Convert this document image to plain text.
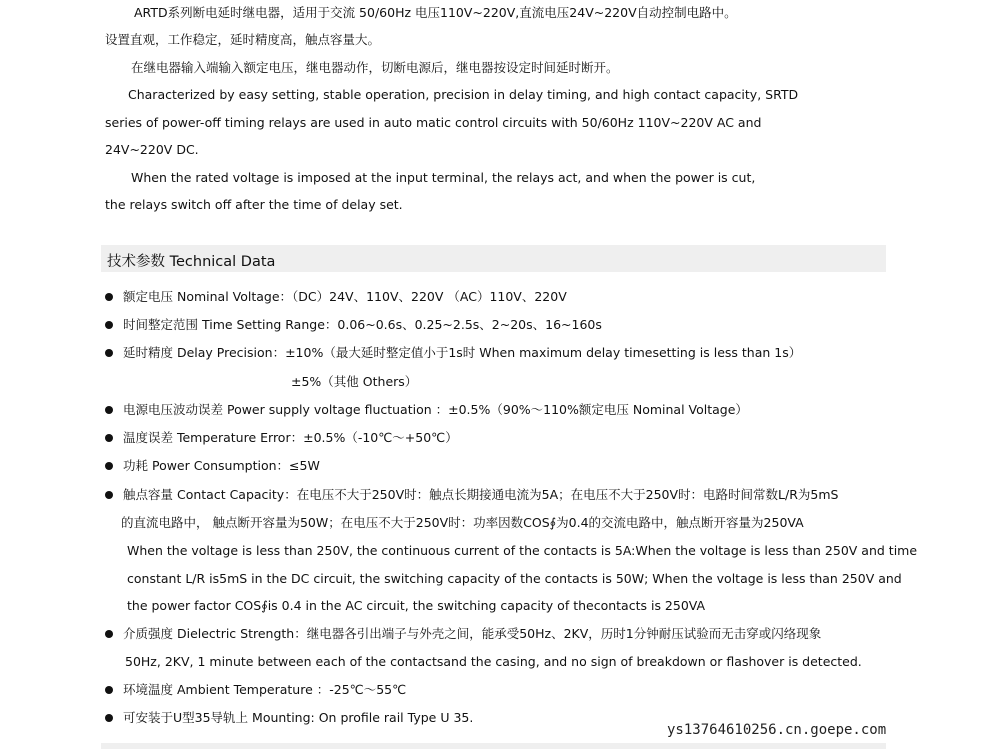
ARTD系列断电延时继电器，适用于交流 50/60Hz 电压110V~220V,直流电压24V~220V自动控制电路中。
设置直观，工作稳定，延时精度高，触点容量大。
在继电器输入端输入额定电压，继电器动作，切断电源后，继电器按设定时间延时断开。
Characterized by easy setting, stable operation, precision in delay timing, and high contact capacity, SRTD
series of power-off timing relays are used in auto matic control circuits with 50/60Hz 110V~220V AC and
24V~220V DC.
When the rated voltage is imposed at the input terminal, the relays act, and when the power is cut,
the relays switch off after the time of delay set.
技术参数 Technical Data
额定电压 Nominal Voltage：（DC）24V、110V、220V （AC）110V、220V
时间整定范围 Time Setting Range：0.06~0.6s、0.25~2.5s、2~20s、16~160s
延时精度 Delay Precision：±10%（最大延时整定值小于1s时 When maximum delay timesetting is less than 1s）
±5%（其他 Others）
电源电压波动误差 Power supply voltage fluctuation ：±0.5%（90%～110%额定电压 Nominal Voltage）
温度误差 Temperature Error：±0.5%（-10℃～+50℃）
功耗 Power Consumption：≤5W
触点容量 Contact Capacity：在电压不大于250V时：触点长期接通电流为5A；在电压不大于250V时：电路时间常数L/R为5mS
的直流电路中， 触点断开容量为50W；在电压不大于250V时：功率因数COS∮为0.4的交流电路中，触点断开容量为250VA
When the voltage is less than 250V, the continuous current of the contacts is 5A:When the voltage is less than 250V and time
constant L/R is5mS in the DC circuit, the switching capacity of the contacts is 50W; When the voltage is less than 250V and
the power factor COS∮is 0.4 in the AC circuit, the switching capacity of thecontacts is 250VA
介质强度 Dielectric Strength：继电器各引出端子与外壳之间，能承受50Hz、2KV，历时1分钟耐压试验而无击穿或闪络现象
50Hz, 2KV, 1 minute between each of the contactsand the casing, and no sign of breakdown or flashover is detected.
环境温度 Ambient Temperature ：-25℃～55℃
可安装于U型35导轨上 Mounting: On profile rail Type U 35.
ys13764610256.cn.goepe.com
